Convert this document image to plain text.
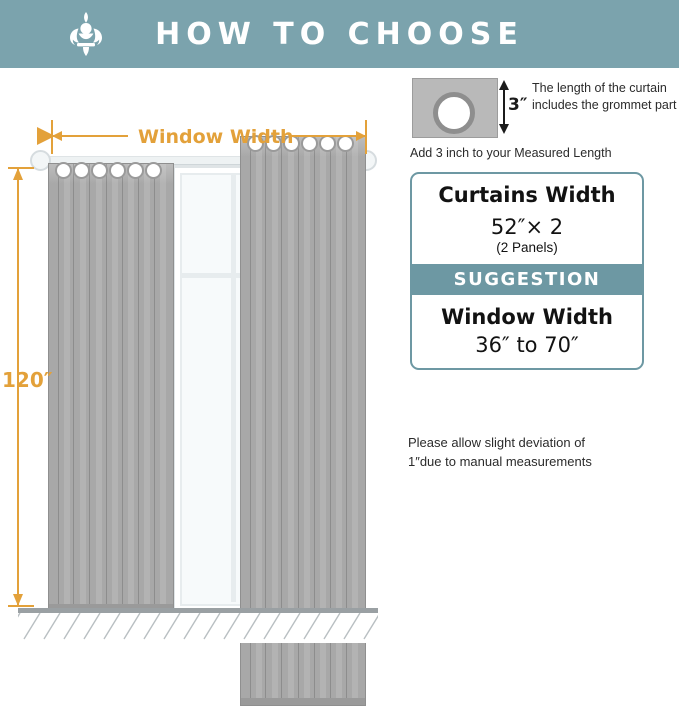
HOW TO CHOOSE
Window Width
120″
3″
The length of the curtain includes the grommet part
Add 3 inch to your Measured Length
Curtains Width
52″× 2
(2 Panels)
SUGGESTION
Window Width
36″ to 70″
Please allow slight deviation of
1″due to manual measurements
